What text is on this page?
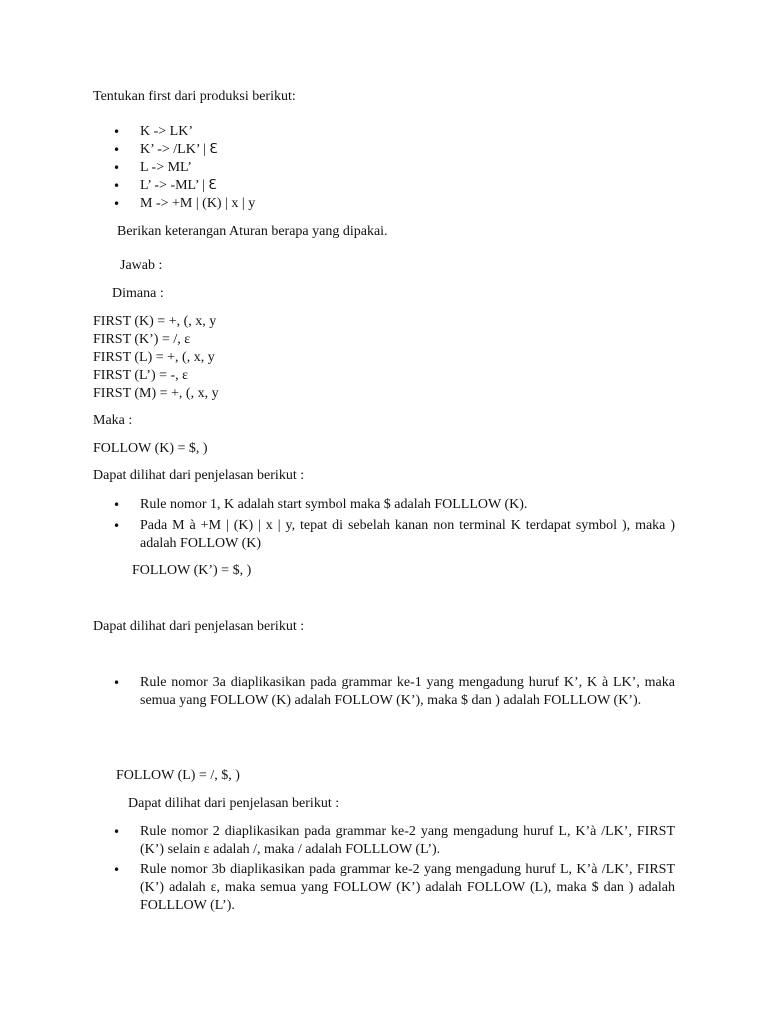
Tentukan first dari produksi berikut:
• K -> LK’
• K’ -> /LK’ | ℇ
• L -> ML’
• L’ -> -ML’ | ℇ
• M -> +M | (K) | x | y
Berikan keterangan Aturan berapa yang dipakai.
Jawab :
Dimana :
FIRST (K) = +, (, x, y
FIRST (K’) = /, ε
FIRST (L) = +, (, x, y
FIRST (L’) = -, ε
FIRST (M) = +, (, x, y
Maka :
FOLLOW (K) = $, )
Dapat dilihat dari penjelasan berikut :
• Rule nomor 1, K adalah start symbol maka $ adalah FOLLLOW (K).
• Pada M à +M | (K) | x | y, tepat di sebelah kanan non terminal K terdapat symbol ), maka ) adalah FOLLOW (K)
FOLLOW (K’) = $, )
Dapat dilihat dari penjelasan berikut :
• Rule nomor 3a diaplikasikan pada grammar ke-1 yang mengadung huruf K’, K à LK’, maka semua yang FOLLOW (K) adalah FOLLOW (K’), maka $ dan ) adalah FOLLLOW (K’).
FOLLOW (L) = /, $, )
Dapat dilihat dari penjelasan berikut :
• Rule nomor 2 diaplikasikan pada grammar ke-2 yang mengadung huruf L, K’à /LK’, FIRST (K’) selain ε adalah /, maka / adalah FOLLLOW (L’).
• Rule nomor 3b diaplikasikan pada grammar ke-2 yang mengadung huruf L, K’à /LK’, FIRST (K’) adalah ε, maka semua yang FOLLOW (K’) adalah FOLLOW (L), maka $ dan ) adalah FOLLLOW (L’).
